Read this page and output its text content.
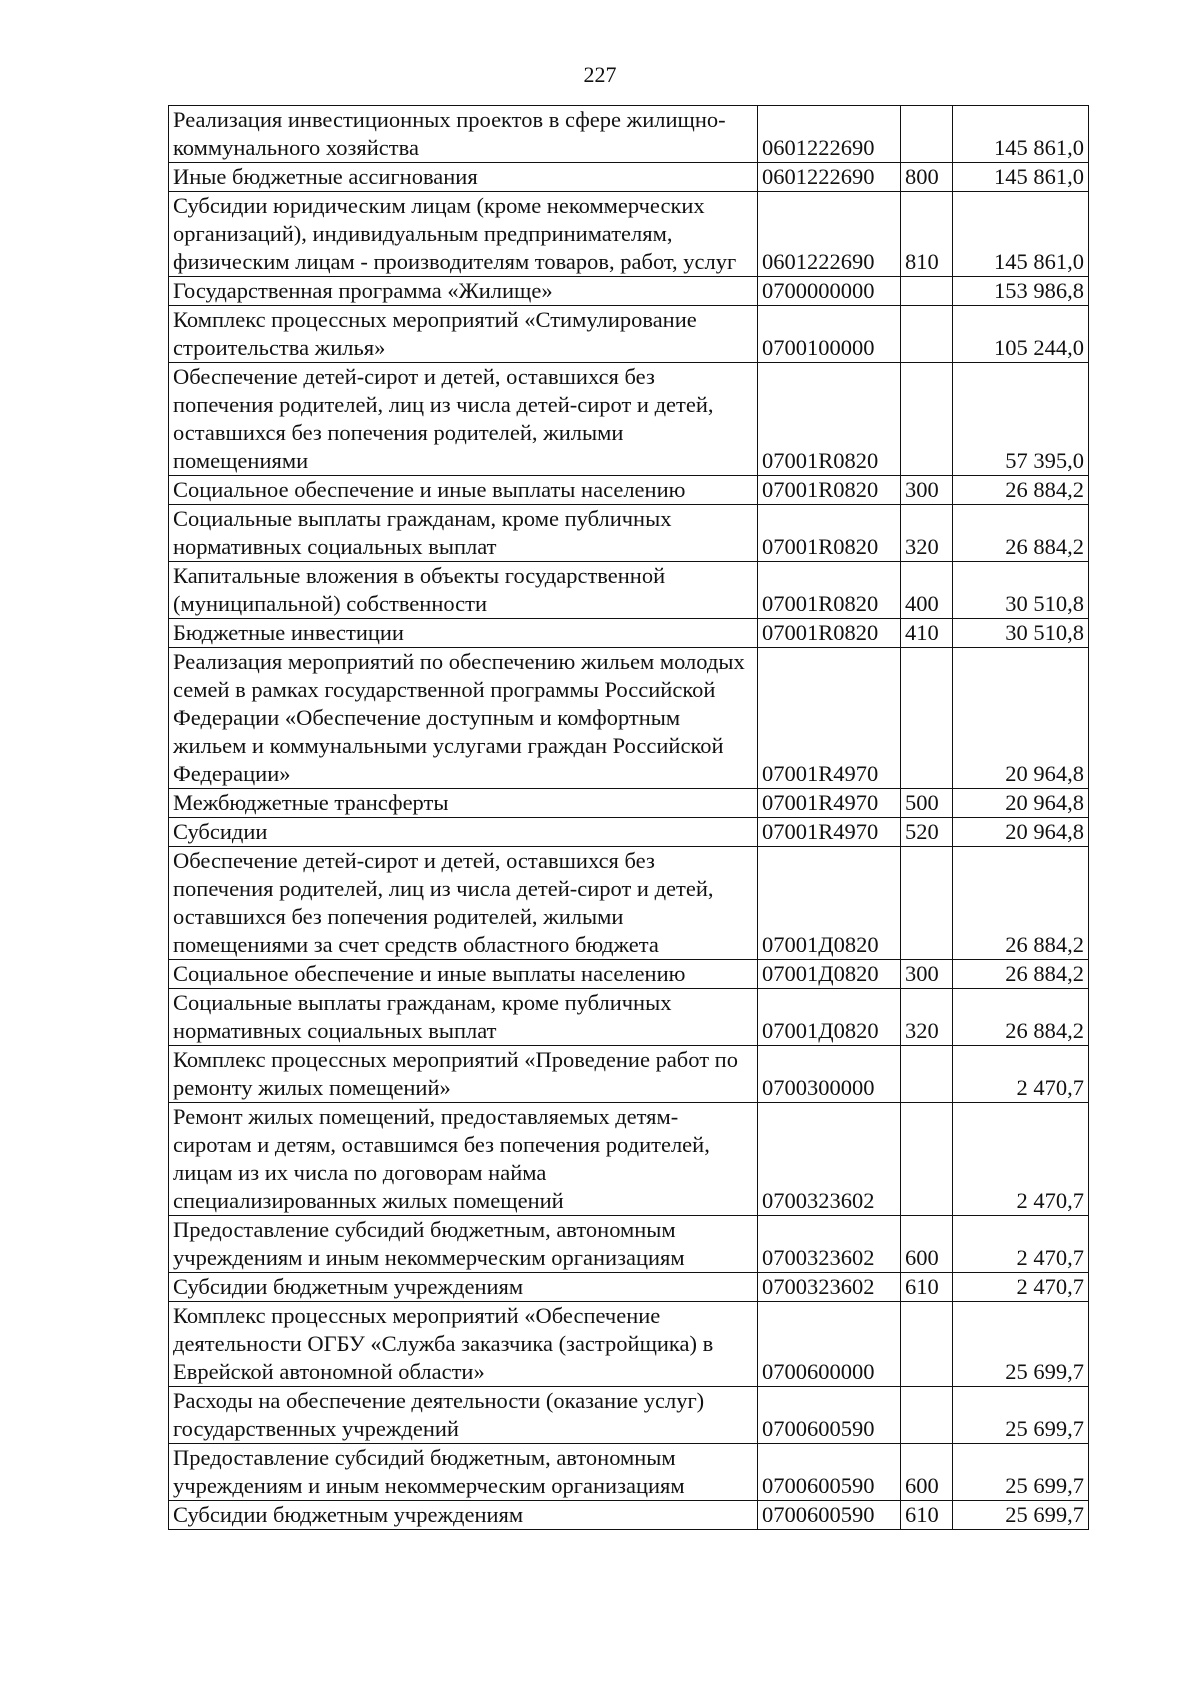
227
Реализация инвестиционных проектов в сфере жилищно-коммунального хозяйства	0601222690		145 861,0
Иные бюджетные ассигнования	0601222690	800	145 861,0
Субсидии юридическим лицам (кроме некоммерческих организаций), индивидуальным предпринимателям, физическим лицам - производителям товаров, работ, услуг	0601222690	810	145 861,0
Государственная программа «Жилище»	0700000000		153 986,8
Комплекс процессных мероприятий «Стимулирование строительства жилья»	0700100000		105 244,0
Обеспечение детей-сирот и детей, оставшихся без попечения родителей, лиц из числа детей-сирот и детей, оставшихся без попечения родителей, жилыми помещениями	07001R0820		57 395,0
Социальное обеспечение и иные выплаты населению	07001R0820	300	26 884,2
Социальные выплаты гражданам, кроме публичных нормативных социальных выплат	07001R0820	320	26 884,2
Капитальные вложения в объекты государственной (муниципальной) собственности	07001R0820	400	30 510,8
Бюджетные инвестиции	07001R0820	410	30 510,8
Реализация мероприятий по обеспечению жильем молодых семей в рамках государственной программы Российской Федерации «Обеспечение доступным и комфортным жильем и коммунальными услугами граждан Российской Федерации»	07001R4970		20 964,8
Межбюджетные трансферты	07001R4970	500	20 964,8
Субсидии	07001R4970	520	20 964,8
Обеспечение детей-сирот и детей, оставшихся без попечения родителей, лиц из числа детей-сирот и детей, оставшихся без попечения родителей, жилыми помещениями за счет средств областного бюджета	07001Д0820		26 884,2
Социальное обеспечение и иные выплаты населению	07001Д0820	300	26 884,2
Социальные выплаты гражданам, кроме публичных нормативных социальных выплат	07001Д0820	320	26 884,2
Комплекс процессных мероприятий «Проведение работ по ремонту жилых помещений»	0700300000		2 470,7
Ремонт жилых помещений, предоставляемых детям-сиротам и детям, оставшимся без попечения родителей, лицам из их числа по договорам найма специализированных жилых помещений	0700323602		2 470,7
Предоставление субсидий бюджетным, автономным учреждениям и иным некоммерческим организациям	0700323602	600	2 470,7
Субсидии бюджетным учреждениям	0700323602	610	2 470,7
Комплекс процессных мероприятий «Обеспечение деятельности ОГБУ «Служба заказчика (застройщика) в Еврейской автономной области»	0700600000		25 699,7
Расходы на обеспечение деятельности (оказание услуг) государственных учреждений	0700600590		25 699,7
Предоставление субсидий бюджетным, автономным учреждениям и иным некоммерческим организациям	0700600590	600	25 699,7
Субсидии бюджетным учреждениям	0700600590	610	25 699,7
